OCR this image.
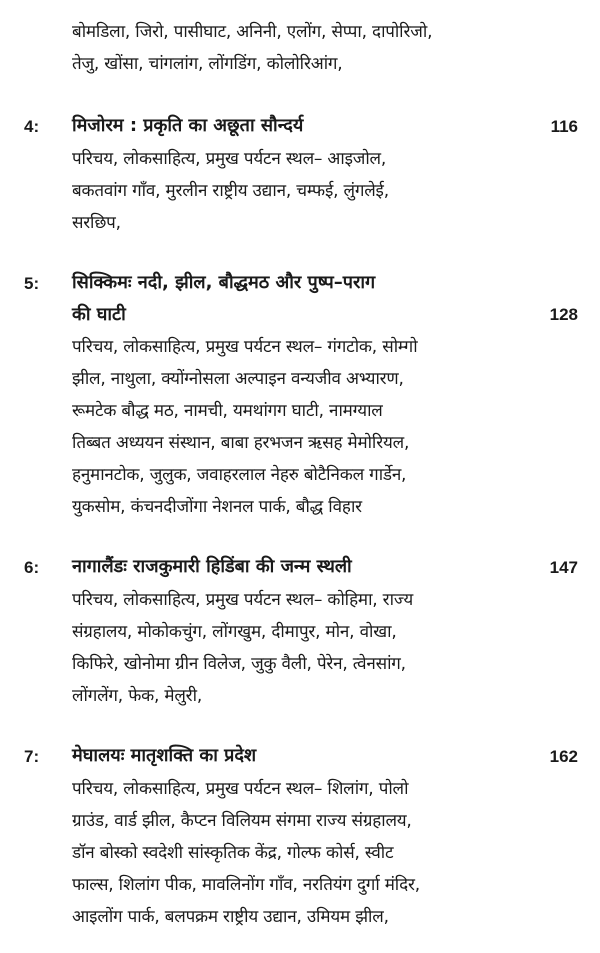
बोमडिला, जिरो, पासीघाट, अनिनी, एलोंग, सेप्पा, दापोरिजो,
तेजु, खोंसा, चांगलांग, लोंगडिंग, कोलोरिआंग,
4: मिजोरम : प्रकृति का अछूता सौन्दर्य	116
परिचय, लोकसाहित्य, प्रमुख पर्यटन स्थल– आइजोल,
बकतवांग गाँव, मुरलीन राष्ट्रीय उद्यान, चम्फई, लुंगलेई,
सरछिप,
5: सिक्किमः नदी, झील, बौद्धमठ और पुष्प–पराग
की घाटी	128
परिचय, लोकसाहित्य, प्रमुख पर्यटन स्थल– गंगटोक, सोम्गो
झील, नाथुला, क्योंग्नोसला अल्पाइन वन्यजीव अभ्यारण,
रूमटेक बौद्ध मठ, नामची, यमथांगग घाटी, नामग्याल
तिब्बत अध्ययन संस्थान, बाबा हरभजन ऋसह मेमोरियल,
हनुमानटोक, जुलुक, जवाहरलाल नेहरु बोटैनिकल गार्डेन,
युकसोम, कंचनदीजोंगा नेशनल पार्क, बौद्ध विहार
6: नागालैंडः राजकुमारी हिडिंबा की जन्म स्थली	147
परिचय, लोकसाहित्य, प्रमुख पर्यटन स्थल– कोहिमा, राज्य
संग्रहालय, मोकोकचुंग, लोंगखुम, दीमापुर, मोन, वोखा,
किफिरे, खोनोमा ग्रीन विलेज, जुकु वैली, पेरेन, त्वेनसांग,
लोंगलेंग, फेक, मेलुरी,
7: मेघालयः मातृशक्ति का प्रदेश	162
परिचय, लोकसाहित्य, प्रमुख पर्यटन स्थल– शिलांग, पोलो
ग्राउंड, वार्ड झील, कैप्टन विलियम संगमा राज्य संग्रहालय,
डॉन बोस्को स्वदेशी सांस्कृतिक केंद्र, गोल्फ कोर्स, स्वीट
फाल्स, शिलांग पीक, मावलिनोंग गाँव, नरतियंग दुर्गा मंदिर,
आइलोंग पार्क, बलपक्रम राष्ट्रीय उद्यान, उमियम झील,
